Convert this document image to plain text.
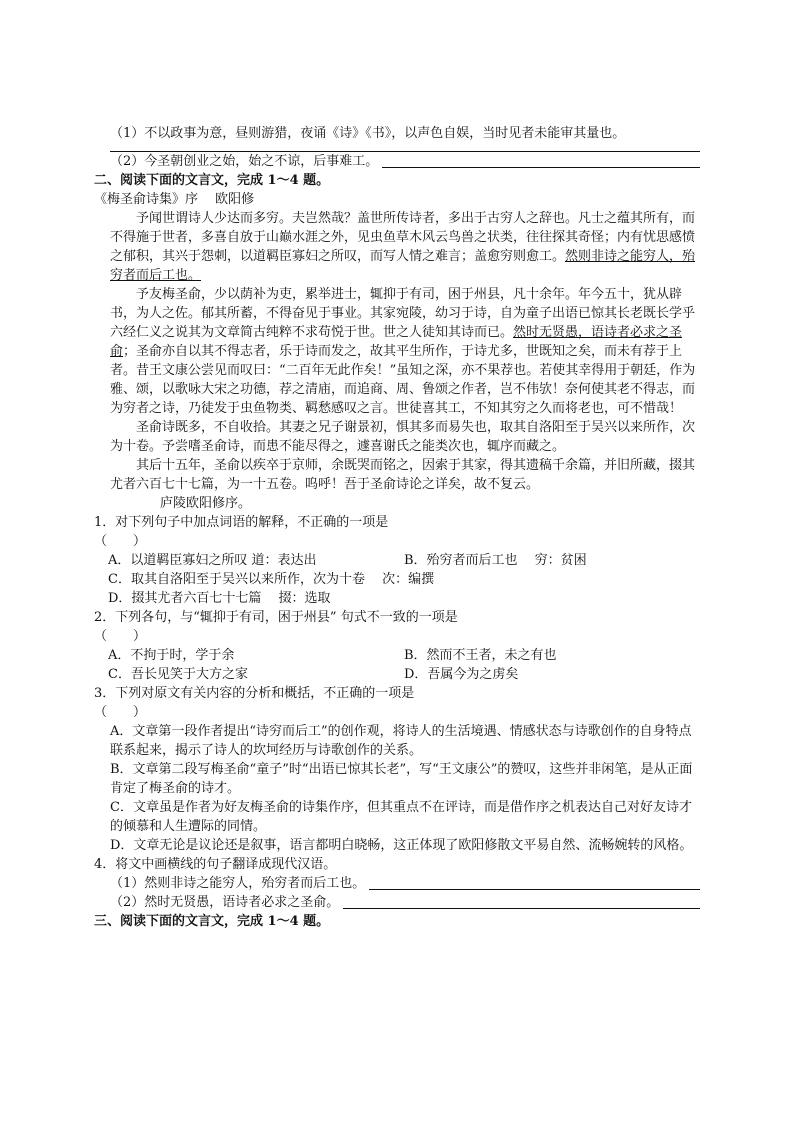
（1）不以政事为意，昼则游猎，夜诵《诗》《书》，以声色自娱，当时见者未能审其量也。

（2）今圣朝创业之始，始之不谅，后事难工。

二、阅读下面的文言文，完成 1～4 题。

《梅圣俞诗集》序　 欧阳修

予闻世谓诗人少达而多穷。夫岂然哉？盖世所传诗者，多出于古穷人之辞也。凡士之蕴其所有，而不得施于世者，多喜自放于山巅水涯之外，见虫鱼草木风云鸟兽之状类，往往探其奇怪；内有忧思感愤之郁积，其兴于怨刺，以道羁臣寡妇之所叹，而写人情之难言；盖愈穷则愈工。然则非诗之能穷人，殆穷者而后工也。

予友梅圣俞，少以荫补为吏，累举进士，辄抑于有司，困于州县，凡十余年。年今五十，犹从辟书，为人之佐。郁其所蓄，不得奋见于事业。其家宛陵，幼习于诗，自为童子出语已惊其长老既长学乎六经仁义之说其为文章简古纯粹不求苟悦于世。世之人徒知其诗而已。然时无贤愚，语诗者必求之圣俞；圣俞亦自以其不得志者，乐于诗而发之，故其平生所作，于诗尤多，世既知之矣，而未有荐于上者。昔王文康公尝见而叹曰：“二百年无此作矣！”虽知之深，亦不果荐也。若使其幸得用于朝廷，作为雅、颂，以歌咏大宋之功德，荐之清庙，而追商、周、鲁颂之作者，岂不伟欤！奈何使其老不得志，而为穷者之诗，乃徒发于虫鱼物类、羁愁感叹之言。世徒喜其工，不知其穷之久而将老也，可不惜哉！

圣俞诗既多，不自收拾。其妻之兄子谢景初，惧其多而易失也，取其自洛阳至于吴兴以来所作，次为十卷。予尝嗜圣俞诗，而患不能尽得之，遽喜谢氏之能类次也，辄序而藏之。

其后十五年，圣俞以疾卒于京师，余既哭而铭之，因索于其家，得其遗稿千余篇，并旧所藏，掇其尤者六百七十七篇，为一十五卷。呜呼！吾于圣俞诗论之详矣，故不复云。

庐陵欧阳修序。

1．对下列句子中加点词语的解释，不正确的一项是

（　　）

A．以道羁臣寡妇之所叹 道：表达出	B．殆穷者而后工也　 穷：贫困
C．取其自洛阳至于吴兴以来所作，次为十卷　 次：编撰
D．掇其尤者六百七十七篇　 掇：选取

2．下列各句，与“辄抑于有司，困于州县” 句式不一致的一项是

（　　）

A．不拘于时，学于余	B．然而不王者，未之有也
C．吾长见笑于大方之家	D．吾属今为之虏矣

3．下列对原文有关内容的分析和概括，不正确的一项是

（　　）

A．文章第一段作者提出“诗穷而后工”的创作观，将诗人的生活境遇、情感状态与诗歌创作的自身特点联系起来，揭示了诗人的坎坷经历与诗歌创作的关系。

B．文章第二段写梅圣俞“童子”时“出语已惊其长老”，写“王文康公”的赞叹，这些并非闲笔，是从正面肯定了梅圣俞的诗才。

C．文章虽是作者为好友梅圣俞的诗集作序，但其重点不在评诗，而是借作序之机表达自己对好友诗才的倾慕和人生遭际的同情。

D．文章无论是议论还是叙事，语言都明白晓畅，这正体现了欧阳修散文平易自然、流畅婉转的风格。

4．将文中画横线的句子翻译成现代汉语。

（1）然则非诗之能穷人，殆穷者而后工也。
（2）然时无贤愚，语诗者必求之圣俞。

三、阅读下面的文言文，完成 1～4 题。
